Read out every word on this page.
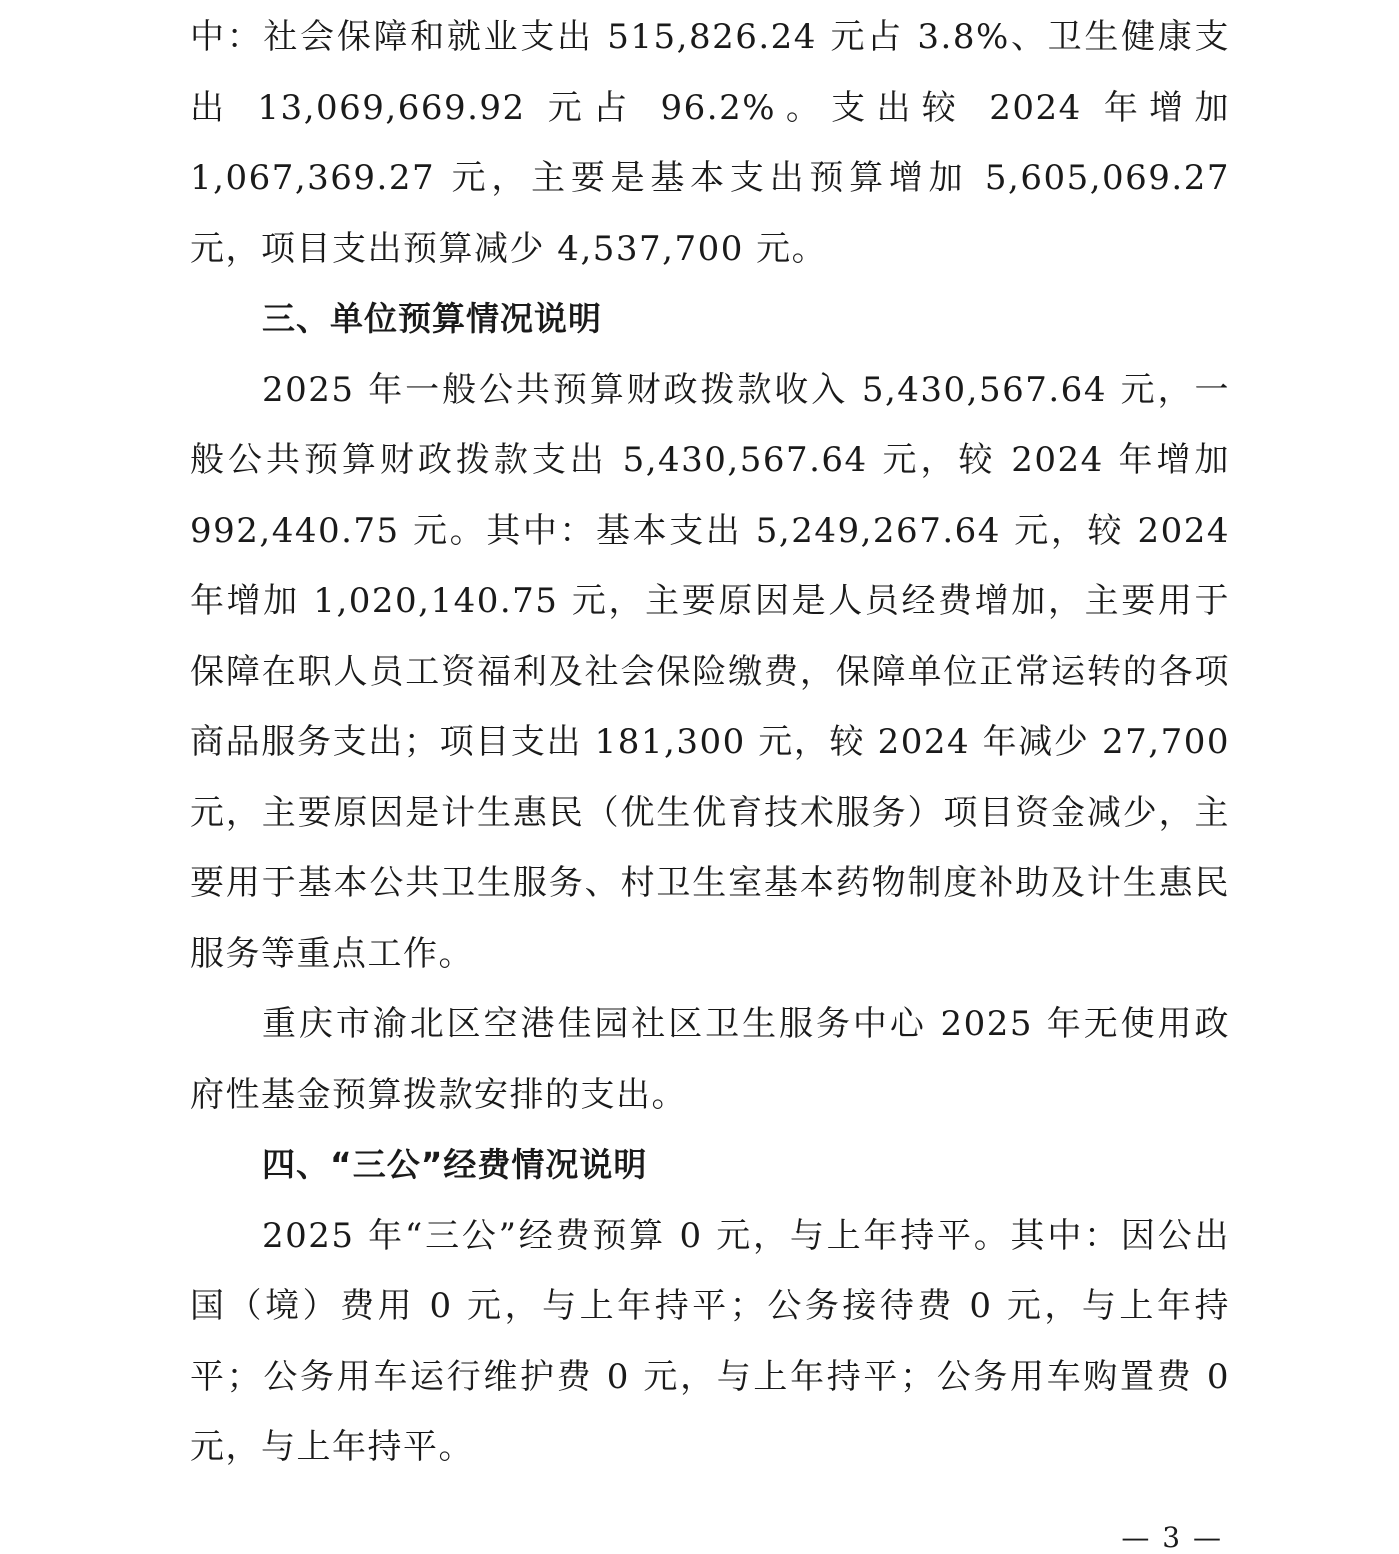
中：社会保障和就业支出 515,826.24 元占 3.8%、卫生健康支出 13,069,669.92 元占 96.2%。支出较 2024 年增加 1,067,369.27 元，主要是基本支出预算增加 5,605,069.27 元，项目支出预算减少 4,537,700 元。

三、单位预算情况说明

2025 年一般公共预算财政拨款收入 5,430,567.64 元，一般公共预算财政拨款支出 5,430,567.64 元，较 2024 年增加 992,440.75 元。其中：基本支出 5,249,267.64 元，较 2024 年增加 1,020,140.75 元，主要原因是人员经费增加，主要用于保障在职人员工资福利及社会保险缴费，保障单位正常运转的各项商品服务支出；项目支出 181,300 元，较 2024 年减少 27,700 元，主要原因是计生惠民（优生优育技术服务）项目资金减少，主要用于基本公共卫生服务、村卫生室基本药物制度补助及计生惠民服务等重点工作。

重庆市渝北区空港佳园社区卫生服务中心 2025 年无使用政府性基金预算拨款安排的支出。

四、“三公”经费情况说明

2025 年“三公”经费预算 0 元，与上年持平。其中：因公出国（境）费用 0 元，与上年持平；公务接待费 0 元，与上年持平；公务用车运行维护费 0 元，与上年持平；公务用车购置费 0 元，与上年持平。

— 3 —
